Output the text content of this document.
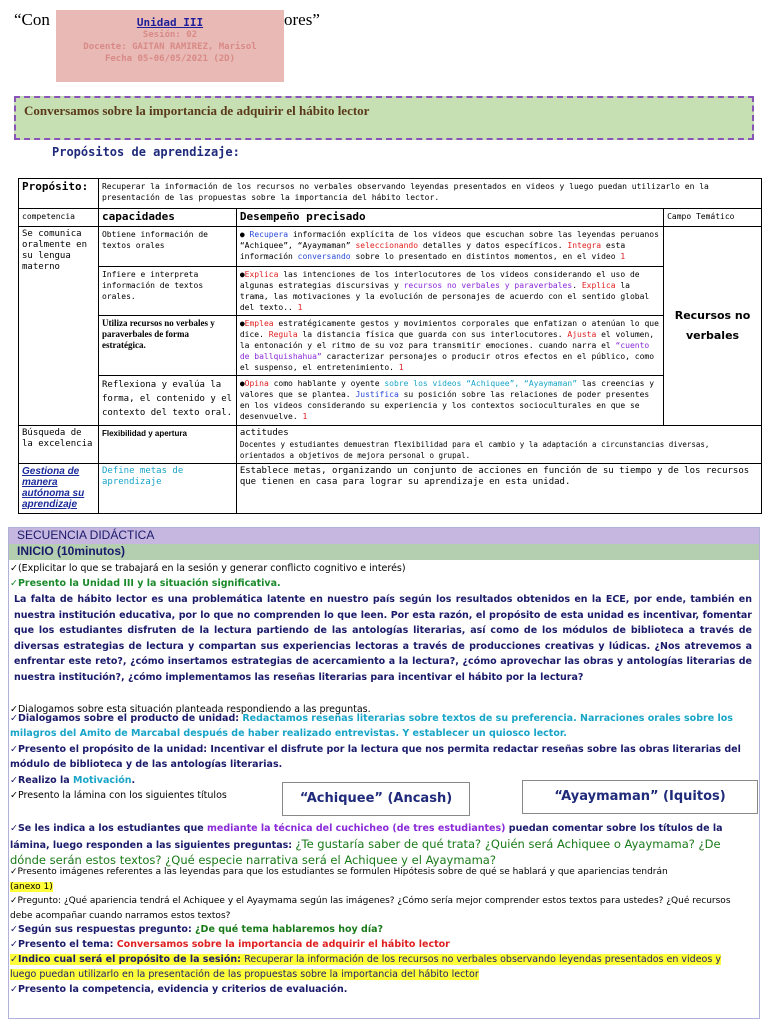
“Con	ores”
Unidad III
Sesión: 02
Docente: GAITAN RAMIREZ, Marisol
Fecha 05-06/05/2021 (2D)
Conversamos sobre la importancia de adquirir el hábito lector
Propósitos de aprendizaje:
Propósito:	Recuperar la información de los recursos no verbales observando leyendas presentados en videos y luego puedan utilizarlo en la presentación de las propuestas sobre la importancia del hábito lector.		
competencia	capacidades	Desempeño precisado	Campo Temático
Se comunica oralmente en su lengua materno	Obtiene información de textos orales	● Recupera información explícita de los videos que escuchan sobre las leyendas peruanos “Achiquee”, “Ayaymaman” seleccionando detalles y datos específicos. Integra esta información conversando sobre lo presentado en distintos momentos, en el video 1	Recursos no verbales
	Infiere e interpreta información de textos orales.	●Explica las intenciones de los interlocutores de los videos considerando el uso de algunas estrategias discursivas y recursos no verbales y paraverbales. Explica la trama, las motivaciones y la evolución de personajes de acuerdo con el sentido global del texto.. 1	
	Utiliza recursos no verbales y paraverbales de forma estratégica.	●Emplea estratégicamente gestos y movimientos corporales que enfatizan o atenúan lo que dice. Regula la distancia física que guarda con sus interlocutores. Ajusta el volumen, la entonación y el ritmo de su voz para transmitir emociones. cuando narra el “cuento de ballquishahua” caracterizar personajes o producir otros efectos en el público, como el suspenso, el entretenimiento. 1	
	Reflexiona y evalúa la forma, el contenido y el contexto del texto oral.	●Opina como hablante y oyente sobre los videos “Achiquee”, “Ayaymaman” las creencias y valores que se plantea. Justifica su posición sobre las relaciones de poder presentes en los videos considerando su experiencia y los contextos socioculturales en que se desenvuelve. 1	
Búsqueda de la excelencia	Flexibilidad y apertura	actitudes
Docentes y estudiantes demuestran flexibilidad para el cambio y la adaptación a circunstancias diversas, orientados a objetivos de mejora personal o grupal.	

Gestiona de manera autónoma su aprendizaje	Define metas de aprendizaje	Establece metas, organizando un conjunto de acciones en función de su tiempo y de los recursos que tienen en casa para lograr su aprendizaje en esta unidad.	
SECUENCIA DIDÁCTICA
INICIO (10minutos)
✓(Explicitar lo que se trabajará en la sesión y generar conflicto cognitivo e interés)
✓Presento la Unidad III y la situación significativa.
La falta de hábito lector es una problemática latente en nuestro país según los resultados obtenidos en la ECE, por ende, también en nuestra institución educativa, por lo que no comprenden lo que leen. Por esta razón, el propósito de esta unidad es incentivar, fomentar que los estudiantes disfruten de la lectura partiendo de las antologías literarias, así como de los módulos de biblioteca a través de diversas estrategias de lectura y compartan sus experiencias lectoras a través de producciones creativas y lúdicas. ¿Nos atrevemos a enfrentar este reto?, ¿cómo insertamos estrategias de acercamiento a la lectura?, ¿cómo aprovechar las obras y antologías literarias de nuestra institución?, ¿cómo implementamos las reseñas literarias para incentivar el hábito por la lectura?
✓Dialogamos sobre esta situación planteada respondiendo a las preguntas.
✓Dialogamos sobre el producto de unidad: Redactamos reseñas literarias sobre textos de su preferencia. Narraciones orales sobre los milagros del Amito de Marcabal después de haber realizado entrevistas. Y establecer un quiosco lector.
✓Presento el propósito de la unidad: Incentivar el disfrute por la lectura que nos permita redactar reseñas sobre las obras literarias del módulo de biblioteca y de las antologías literarias.
✓Realizo la Motivación.
✓Presento la lámina con los siguientes títulos	“Achiquee” (Ancash)	“Ayaymaman” (Iquitos)
✓Se les indica a los estudiantes que mediante la técnica del cuchicheo (de tres estudiantes) puedan comentar sobre los títulos de la lámina, luego responden a las siguientes preguntas: ¿Te gustaría saber de qué trata? ¿Quién será Achiquee o Ayaymama? ¿De dónde serán estos textos? ¿Qué especie narrativa será el Achiquee y el Ayaymama?
✓Presento imágenes referentes a las leyendas para que los estudiantes se formulen Hipótesis sobre de qué se hablará y que apariencias tendrán
(anexo 1)
✓Pregunto: ¿Qué apariencia tendrá el Achiquee y el Ayaymama según las imágenes? ¿Cómo sería mejor comprender estos textos para ustedes? ¿Qué recursos debe acompañar cuando narramos estos textos?
✓Según sus respuestas pregunto: ¿De qué tema hablaremos hoy día?
✓Presento el tema: Conversamos sobre la importancia de adquirir el hábito lector
✓Indico cual será el propósito de la sesión: Recuperar la información de los recursos no verbales observando leyendas presentados en videos y luego puedan utilizarlo en la presentación de las propuestas sobre la importancia del hábito lector
✓Presento la competencia, evidencia y criterios de evaluación.
